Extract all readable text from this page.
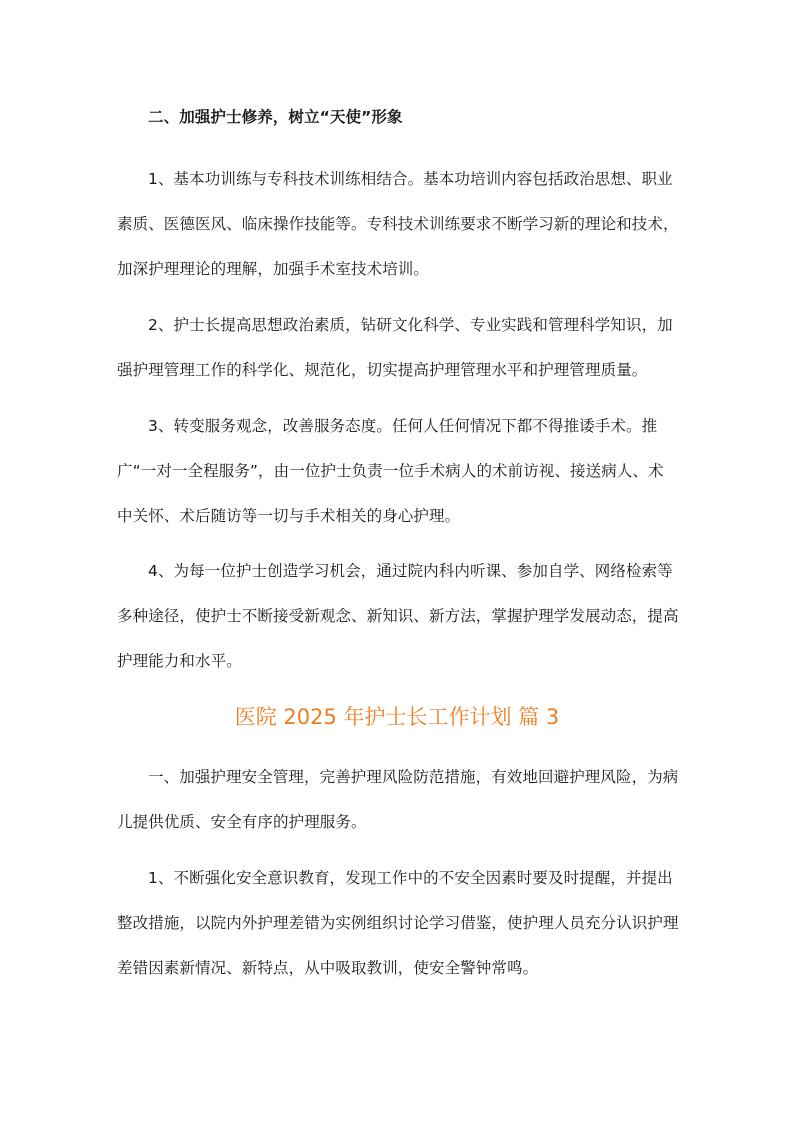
二、加强护士修养，树立“天使”形象

1、基本功训练与专科技术训练相结合。基本功培训内容包括政治思想、职业素质、医德医风、临床操作技能等。专科技术训练要求不断学习新的理论和技术，加深护理理论的理解，加强手术室技术培训。

2、护士长提高思想政治素质，钻研文化科学、专业实践和管理科学知识，加强护理管理工作的科学化、规范化，切实提高护理管理水平和护理管理质量。

3、转变服务观念，改善服务态度。任何人任何情况下都不得推诿手术。推广“一对一全程服务”，由一位护士负责一位手术病人的术前访视、接送病人、术中关怀、术后随访等一切与手术相关的身心护理。

4、为每一位护士创造学习机会，通过院内科内听课、参加自学、网络检索等多种途径，使护士不断接受新观念、新知识、新方法，掌握护理学发展动态，提高护理能力和水平。

医院 2025 年护士长工作计划 篇 3

一、加强护理安全管理，完善护理风险防范措施，有效地回避护理风险，为病儿提供优质、安全有序的护理服务。

1、不断强化安全意识教育，发现工作中的不安全因素时要及时提醒，并提出整改措施，以院内外护理差错为实例组织讨论学习借鉴，使护理人员充分认识护理差错因素新情况、新特点，从中吸取教训，使安全警钟常鸣。
